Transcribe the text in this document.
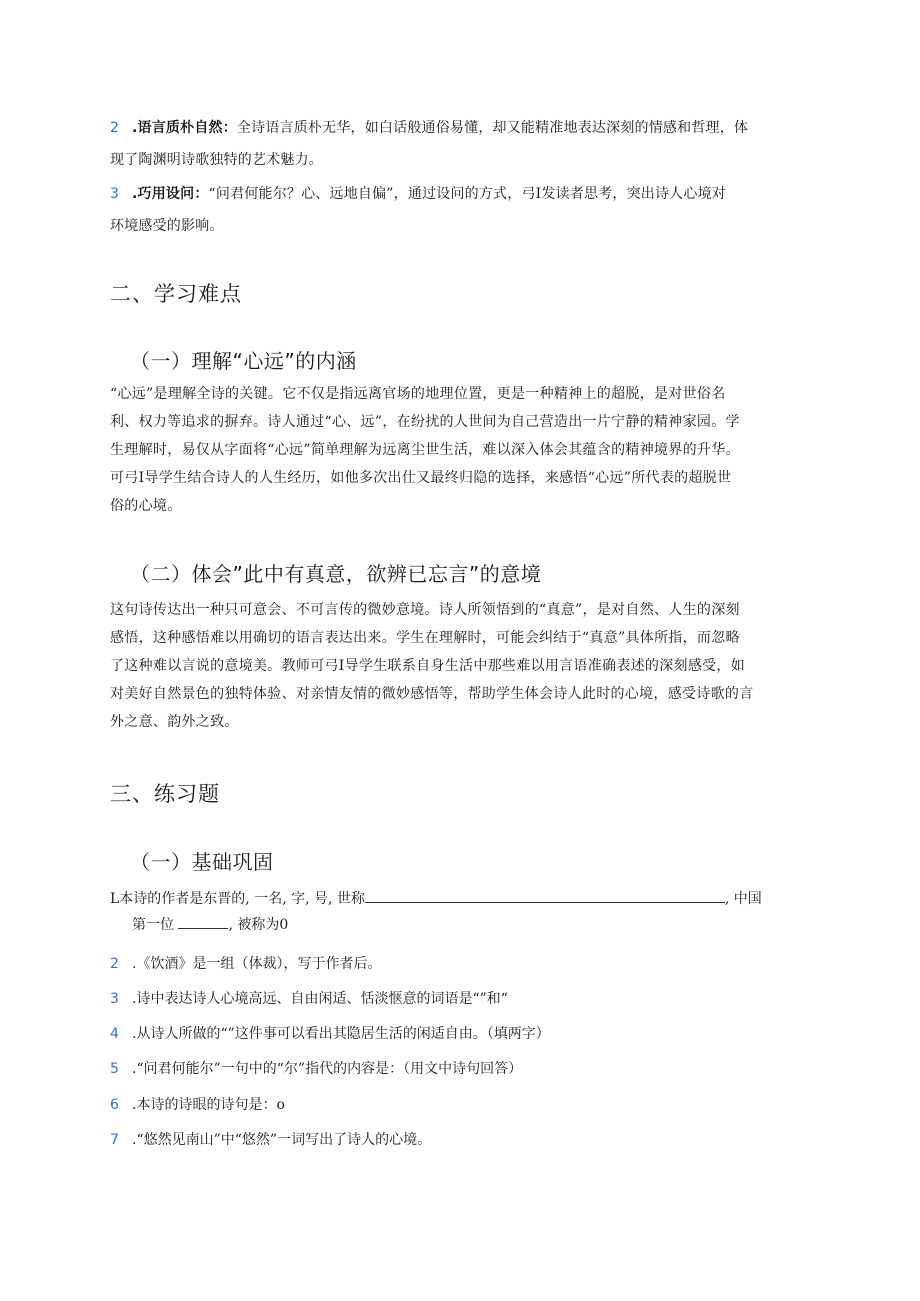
2 .语言质朴自然：全诗语言质朴无华，如白话般通俗易懂，却又能精准地表达深刻的情感和哲理，体
现了陶渊明诗歌独特的艺术魅力。
3 .巧用设问：“问君何能尔？心、远地自偏”，通过设问的方式，弓I发读者思考，突出诗人心境对
环境感受的影响。
二、学习难点
（一）理解“心远”的内涵
“心远”是理解全诗的关键。它不仅是指远离官场的地理位置，更是一种精神上的超脱，是对世俗名
利、权力等追求的摒弃。诗人通过“心、远”，在纷扰的人世间为自己营造出一片宁静的精神家园。学
生理解时，易仅从字面将“心远”简单理解为远离尘世生活，难以深入体会其蕴含的精神境界的升华。
可弓I导学生结合诗人的人生经历，如他多次出仕又最终归隐的选择，来感悟“心远”所代表的超脱世
俗的心境。
（二）体会”此中有真意，欲辨已忘言”的意境
这句诗传达出一种只可意会、不可言传的微妙意境。诗人所领悟到的“真意”，是对自然、人生的深刻
感悟，这种感悟难以用确切的语言表达出来。学生在理解时，可能会纠结于“真意”具体所指，而忽略
了这种难以言说的意境美。教师可弓I导学生联系自身生活中那些难以用言语准确表述的深刻感受，如
对美好自然景色的独特体验、对亲情友情的微妙感悟等，帮助学生体会诗人此时的心境，感受诗歌的言
外之意、韵外之致。
三、练习题
（一）基础巩固
L本诗的作者是东晋的, 一名, 字, 号, 世称	, 中国
第一位	, 被称为0
2 .《饮酒》是一组（体裁），写于作者后。
3 .诗中表达诗人心境高远、自由闲适、恬淡惬意的词语是“”和“
4 .从诗人所做的“”这件事可以看出其隐居生活的闲适自由。（填两字）
5 .“问君何能尔”一句中的“尔”指代的内容是：（用文中诗句回答）
6 .本诗的诗眼的诗句是：o
7 .“悠然见南山”中“悠然”一词写出了诗人的心境。
